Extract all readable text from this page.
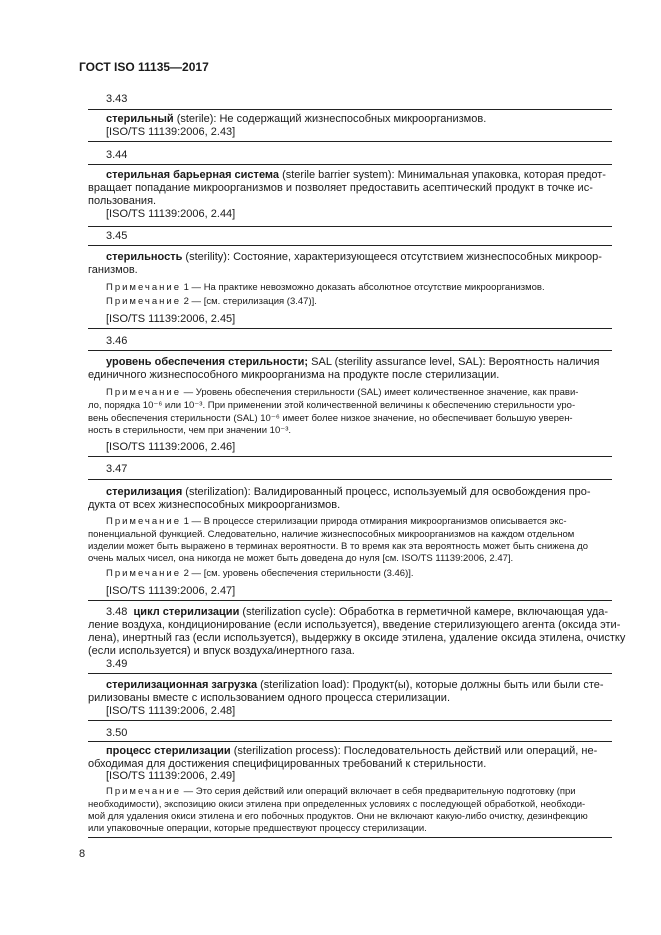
ГОСТ ISO 11135—2017
3.43
стерильный (sterile): Не содержащий жизнеспособных микроорганизмов.
[ISO/TS 11139:2006, 2.43]
3.44
стерильная барьерная система (sterile barrier system): Минимальная упаковка, которая предот-
вращает попадание микроорганизмов и позволяет предоставить асептический продукт в точке ис-
пользования.
[ISO/TS 11139:2006, 2.44]
3.45
стерильность (sterility): Состояние, характеризующееся отсутствием жизнеспособных микроор-
ганизмов.
Примечание 1 — На практике невозможно доказать абсолютное отсутствие микроорганизмов.
Примечание 2 — [см. стерилизация (3.47)].
[ISO/TS 11139:2006, 2.45]
3.46
уровень обеспечения стерильности; SAL (sterility assurance level, SAL): Вероятность наличия
единичного жизнеспособного микроорганизма на продукте после стерилизации.
Примечание — Уровень обеспечения стерильности (SAL) имеет количественное значение, как прави-
ло, порядка 10⁻⁶ или 10⁻³. При применении этой количественной величины к обеспечению стерильности уро-
вень обеспечения стерильности (SAL) 10⁻⁶ имеет более низкое значение, но обеспечивает большую уверен-
ность в стерильности, чем при значении 10⁻³.
[ISO/TS 11139:2006, 2.46]
3.47
стерилизация (sterilization): Валидированный процесс, используемый для освобождения про-
дукта от всех жизнеспособных микроорганизмов.
Примечание 1 — В процессе стерилизации природа отмирания микроорганизмов описывается экс-
поненциальной функцией. Следовательно, наличие жизнеспособных микроорганизмов на каждом отдельном
изделии может быть выражено в терминах вероятности. В то время как эта вероятность может быть снижена до
очень малых чисел, она никогда не может быть доведена до нуля [см. ISO/TS 11139:2006, 2.47].
Примечание 2 — [см. уровень обеспечения стерильности (3.46)].
[ISO/TS 11139:2006, 2.47]
3.48 цикл стерилизации (sterilization cycle): Обработка в герметичной камере, включающая уда-
ление воздуха, кондиционирование (если используется), введение стерилизующего агента (оксида эти-
лена), инертный газ (если используется), выдержку в оксиде этилена, удаление оксида этилена, очистку
(если используется) и впуск воздуха/инертного газа.
3.49
стерилизационная загрузка (sterilization load): Продукт(ы), которые должны быть или были сте-
рилизованы вместе с использованием одного процесса стерилизации.
[ISO/TS 11139:2006, 2.48]
3.50
процесс стерилизации (sterilization process): Последовательность действий или операций, не-
обходимая для достижения специфицированных требований к стерильности.
[ISO/TS 11139:2006, 2.49]
Примечание — Это серия действий или операций включает в себя предварительную подготовку (при
необходимости), экспозицию окиси этилена при определенных условиях с последующей обработкой, необходи-
мой для удаления окиси этилена и его побочных продуктов. Они не включают какую-либо очистку, дезинфекцию
или упаковочные операции, которые предшествуют процессу стерилизации.
8
